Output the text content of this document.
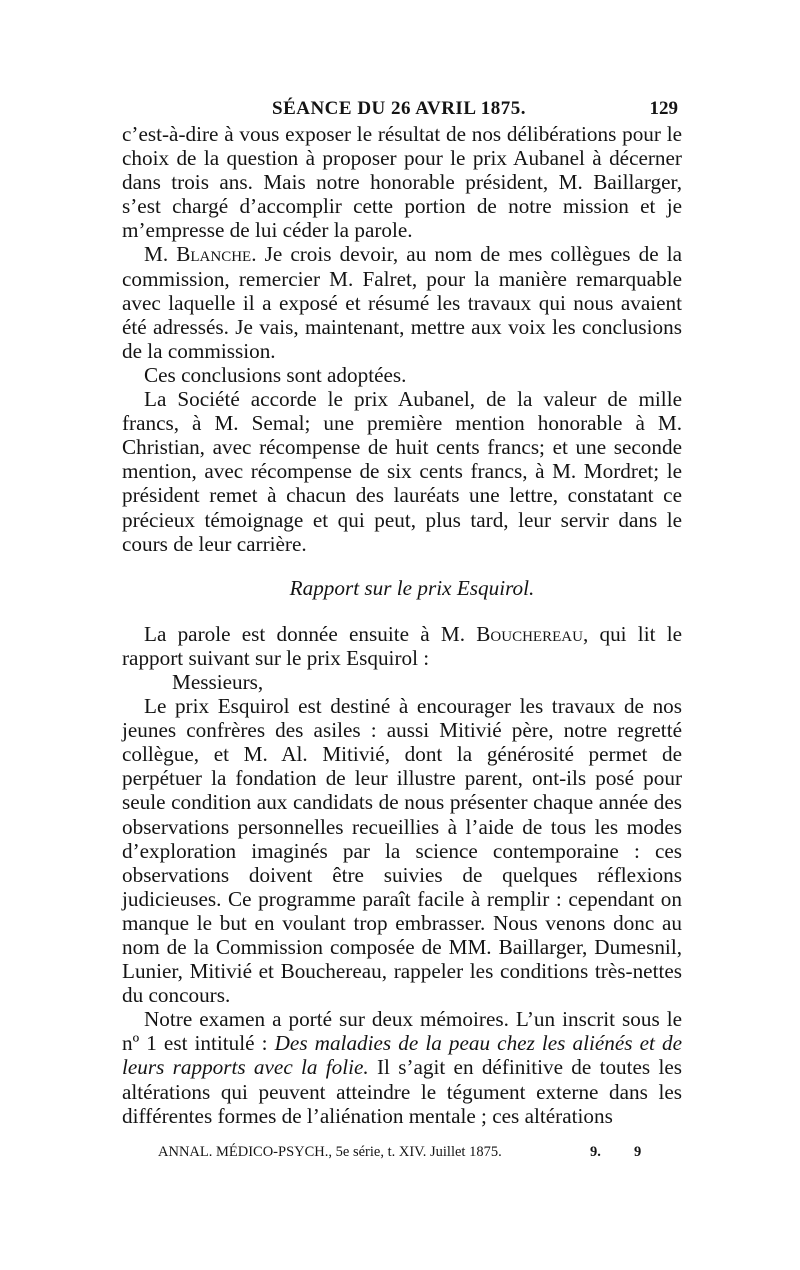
SÉANCE DU 26 AVRIL 1875.	129

c’est-à-dire à vous exposer le résultat de nos délibérations pour le choix de la question à proposer pour le prix Aubanel à décerner dans trois ans. Mais notre honorable président, M. Baillarger, s’est chargé d’accomplir cette portion de notre mission et je m’empresse de lui céder la parole.

M. Blanche. Je crois devoir, au nom de mes collègues de la commission, remercier M. Falret, pour la manière remarquable avec laquelle il a exposé et résumé les travaux qui nous avaient été adressés. Je vais, maintenant, mettre aux voix les conclusions de la commission.

Ces conclusions sont adoptées.

La Société accorde le prix Aubanel, de la valeur de mille francs, à M. Semal; une première mention honorable à M. Christian, avec récompense de huit cents francs; et une seconde mention, avec récompense de six cents francs, à M. Mordret; le président remet à chacun des lauréats une lettre, constatant ce précieux témoignage et qui peut, plus tard, leur servir dans le cours de leur carrière.

Rapport sur le prix Esquirol.

La parole est donnée ensuite à M. Bouchereau, qui lit le rapport suivant sur le prix Esquirol :

Messieurs,

Le prix Esquirol est destiné à encourager les travaux de nos jeunes confrères des asiles : aussi Mitivié père, notre regretté collègue, et M. Al. Mitivié, dont la générosité permet de perpétuer la fondation de leur illustre parent, ont-ils posé pour seule condition aux candidats de nous présenter chaque année des observations personnelles recueillies à l’aide de tous les modes d’exploration imaginés par la science contemporaine : ces observations doivent être suivies de quelques réflexions judicieuses. Ce programme paraît facile à remplir : cependant on manque le but en voulant trop embrasser. Nous venons donc au nom de la Commission composée de MM. Baillarger, Dumesnil, Lunier, Mitivié et Bouchereau, rappeler les conditions très-nettes du concours.

Notre examen a porté sur deux mémoires. L’un inscrit sous le nº 1 est intitulé : Des maladies de la peau chez les aliénés et de leurs rapports avec la folie. Il s’agit en définitive de toutes les altérations qui peuvent atteindre le tégument externe dans les différentes formes de l’aliénation mentale ; ces altérations

ANNAL. MÉDICO-PSYCH., 5e série, t. XIV. Juillet 1875.	9. 9
